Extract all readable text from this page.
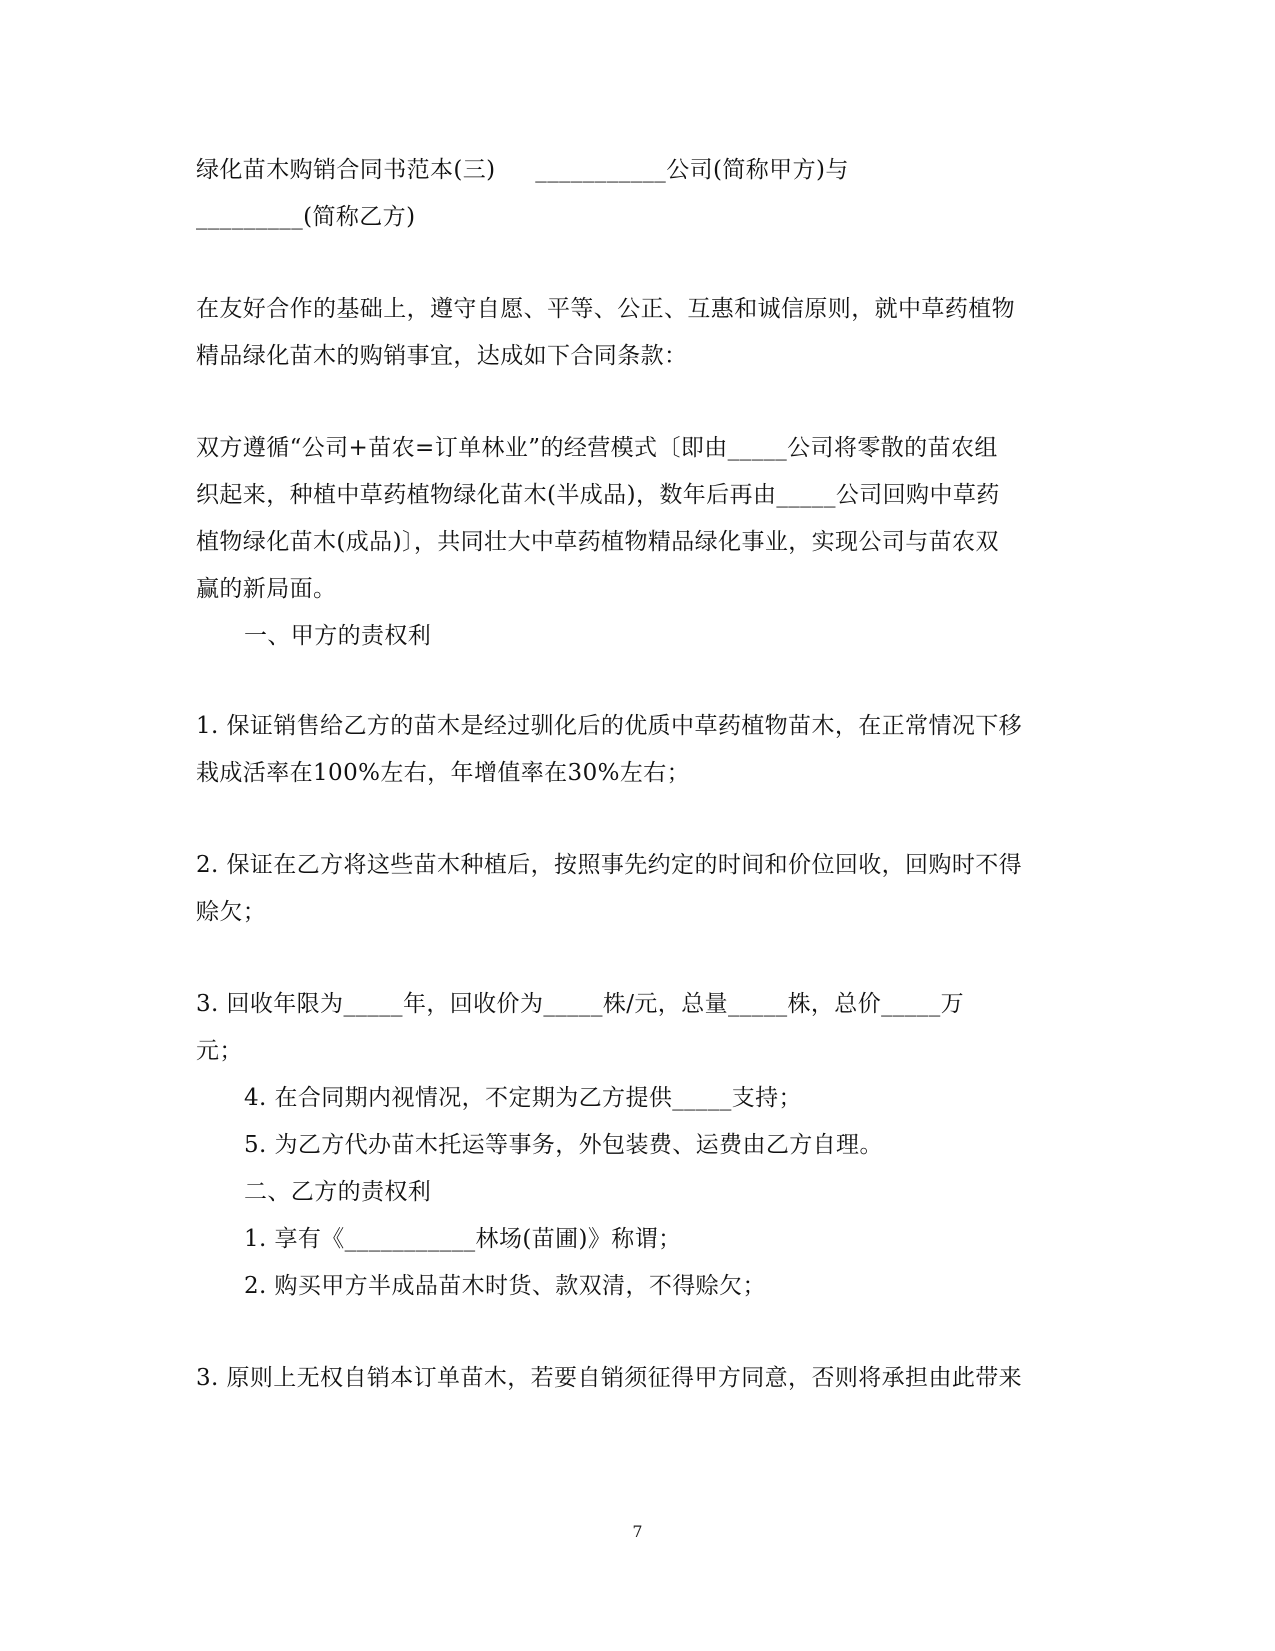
绿化苗木购销合同书范本(三)	___________公司(简称甲方)与
_________(简称乙方)
在友好合作的基础上，遵守自愿、平等、公正、互惠和诚信原则，就中草药植物
精品绿化苗木的购销事宜，达成如下合同条款：
双方遵循“公司+苗农=订单林业”的经营模式〔即由_____公司将零散的苗农组
织起来，种植中草药植物绿化苗木(半成品)，数年后再由_____公司回购中草药
植物绿化苗木(成品)〕，共同壮大中草药植物精品绿化事业，实现公司与苗农双
赢的新局面。
一、甲方的责权利
1. 保证销售给乙方的苗木是经过驯化后的优质中草药植物苗木，在正常情况下移
栽成活率在100%左右，年增值率在30%左右；
2. 保证在乙方将这些苗木种植后，按照事先约定的时间和价位回收，回购时不得
赊欠；
3. 回收年限为_____年，回收价为_____株/元，总量_____株，总价_____万
元；
4. 在合同期内视情况，不定期为乙方提供_____支持；
5. 为乙方代办苗木托运等事务，外包装费、运费由乙方自理。
二、乙方的责权利
1. 享有《___________林场(苗圃)》称谓；
2. 购买甲方半成品苗木时货、款双清，不得赊欠；
3. 原则上无权自销本订单苗木，若要自销须征得甲方同意，否则将承担由此带来
7
